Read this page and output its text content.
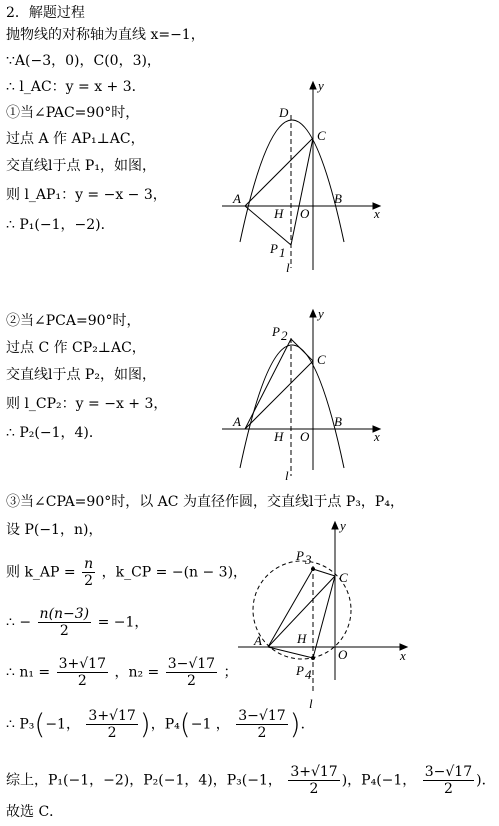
2．解题过程
抛物线的对称轴为直线 x=−1，
∵A(−3，0)，C(0，3)，
∴ l_AC：y = x + 3．
①当∠PAC=90°时，
过点 A 作 AP₁⊥AC，
交直线l于点 P₁，如图，
则 l_AP₁：y = −x − 3，
∴ P₁(−1，−2)．
②当∠PCA=90°时，
过点 C 作 CP₂⊥AC，
交直线l于点 P₂，如图，
则 l_CP₂：y = −x + 3，
∴ P₂(−1，4)．
③当∠CPA=90°时，以 AC 为直径作圆，交直线l于点 P₃，P₄，
设 P(−1，n)，
则 k_AP = $\frac{n}{2}$ ，k_CP = −(n − 3)，
∴ − $\frac{n(n-3)}{2} = -1$，
∴ $n_1 = \frac{3+√17}{2}$ ，$n_2 = \frac{3-√17}{2}$ ；
∴ P₃(−1， $\frac{3+√17}{2}$ )，P₄(−1 ， $\frac{3-√17}{2}$ )．
综上，P₁(−1，−2)，P₂(−1，4)，P₃(−1， $\frac{3+√17}{2}$ )，P₄(−1， $\frac{3-√17}{2}$ )．
故选 C．
A	B
C
D
H O	x
y
l
P 1
A	B
C
H O	x
y
l
P 2
A
C
H
O	x
y
l
P 3
P 4
